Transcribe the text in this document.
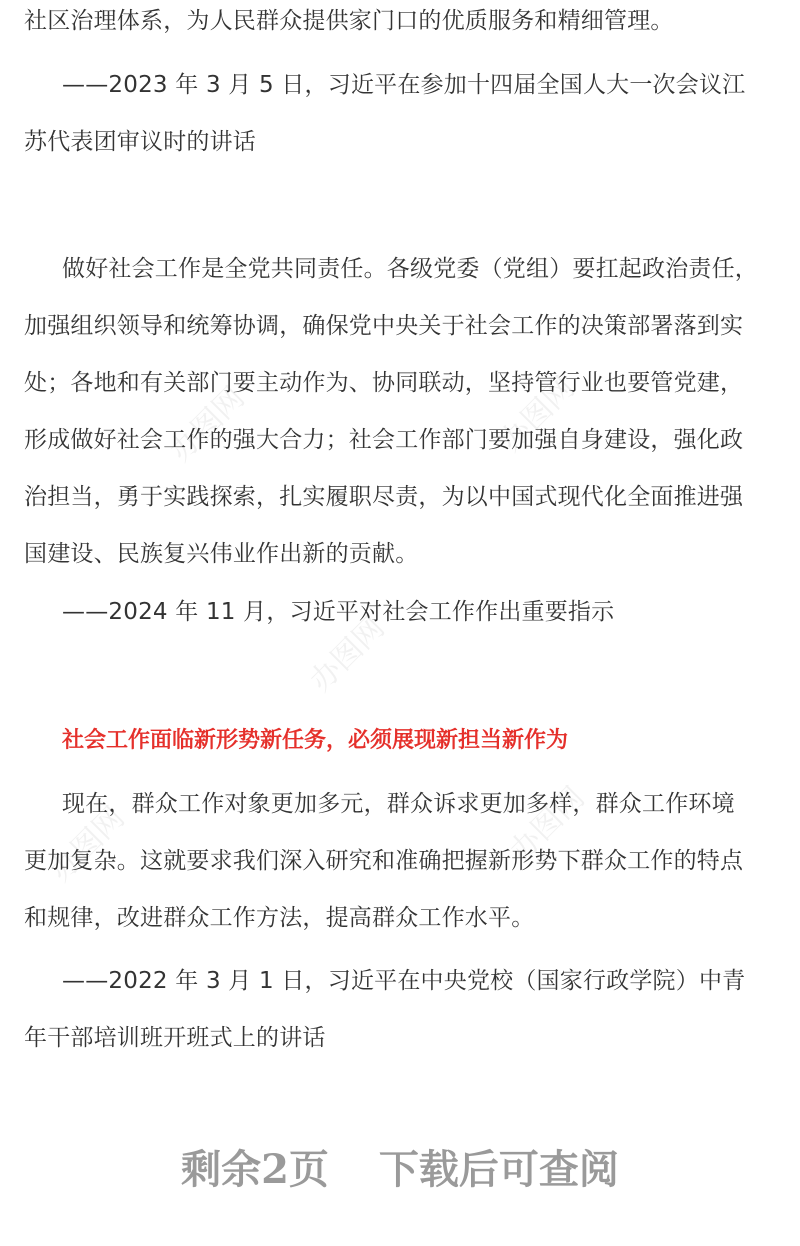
办图网	办图网
办图网
办图网	办图网
社区治理体系，为人民群众提供家门口的优质服务和精细管理。
——2023 年 3 月 5 日，习近平在参加十四届全国人大一次会议江
苏代表团审议时的讲话
做好社会工作是全党共同责任。各级党委（党组）要扛起政治责任，
加强组织领导和统筹协调，确保党中央关于社会工作的决策部署落到实
处；各地和有关部门要主动作为、协同联动，坚持管行业也要管党建，
形成做好社会工作的强大合力；社会工作部门要加强自身建设，强化政
治担当，勇于实践探索，扎实履职尽责，为以中国式现代化全面推进强
国建设、民族复兴伟业作出新的贡献。
——2024 年 11 月，习近平对社会工作作出重要指示
社会工作面临新形势新任务，必须展现新担当新作为
现在，群众工作对象更加多元，群众诉求更加多样，群众工作环境
更加复杂。这就要求我们深入研究和准确把握新形势下群众工作的特点
和规律，改进群众工作方法，提高群众工作水平。
——2022 年 3 月 1 日，习近平在中央党校（国家行政学院）中青
年干部培训班开班式上的讲话
剩余2页 下载后可查阅
